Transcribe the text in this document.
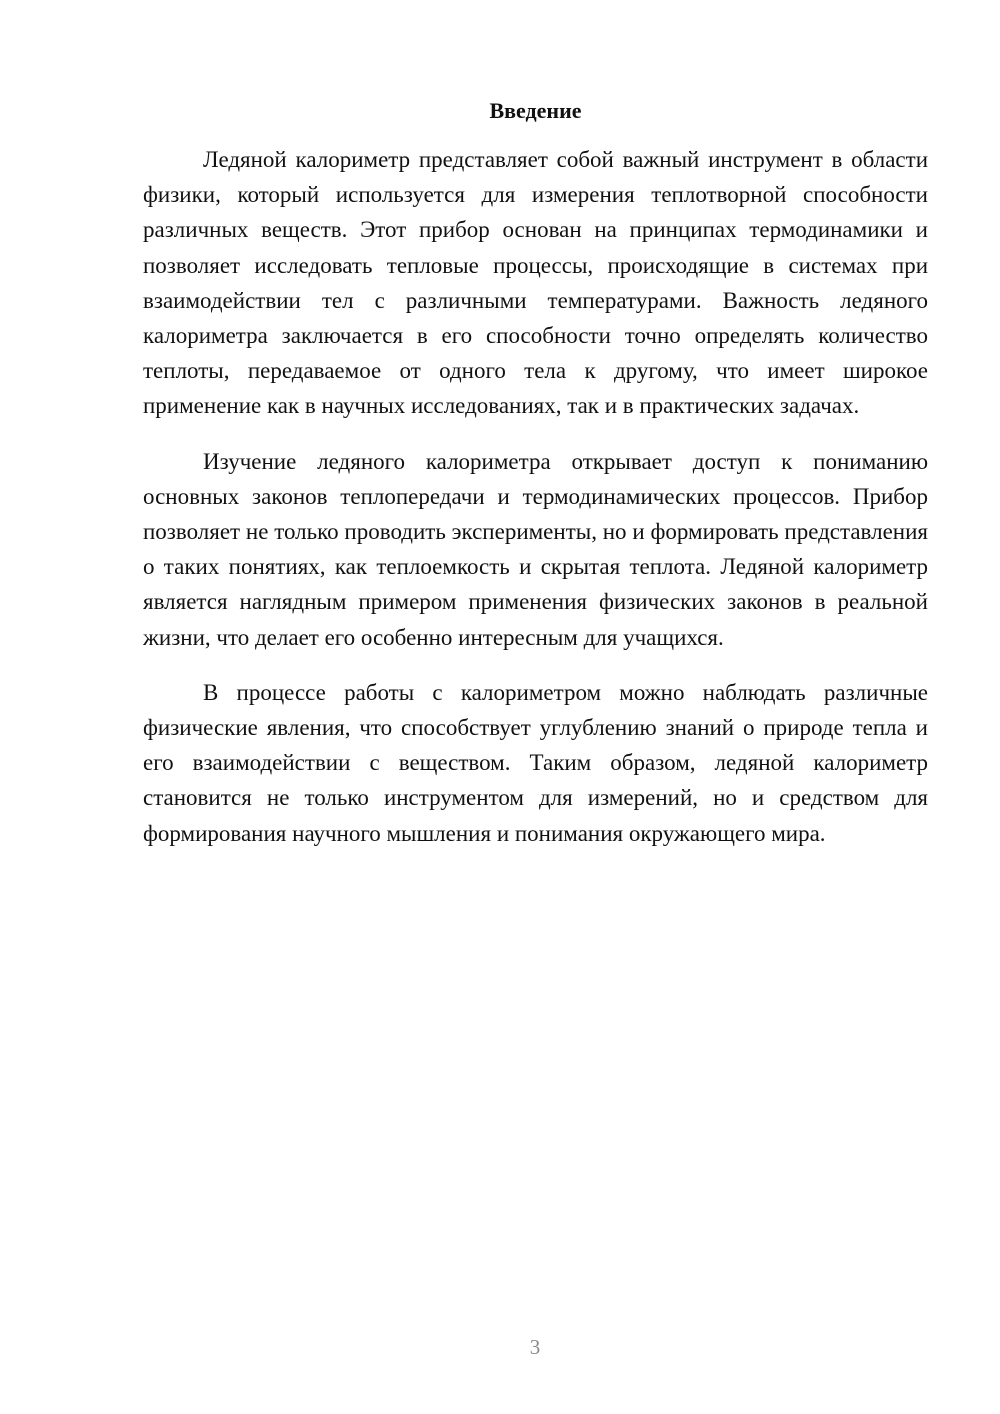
Введение

Ледяной калориметр представляет собой важный инструмент в области физики, который используется для измерения теплотворной способности различных веществ. Этот прибор основан на принципах термодинамики и позволяет исследовать тепловые процессы, происходящие в системах при взаимодействии тел с различными температурами. Важность ледяного калориметра заключается в его способности точно определять количество теплоты, передаваемое от одного тела к другому, что имеет широкое применение как в научных исследованиях, так и в практических задачах.

Изучение ледяного калориметра открывает доступ к пониманию основных законов теплопередачи и термодинамических процессов. Прибор позволяет не только проводить эксперименты, но и формировать представления о таких понятиях, как теплоемкость и скрытая теплота. Ледяной калориметр является наглядным примером применения физических законов в реальной жизни, что делает его особенно интересным для учащихся.

В процессе работы с калориметром можно наблюдать различные физические явления, что способствует углублению знаний о природе тепла и его взаимодействии с веществом. Таким образом, ледяной калориметр становится не только инструментом для измерений, но и средством для формирования научного мышления и понимания окружающего мира.

3
